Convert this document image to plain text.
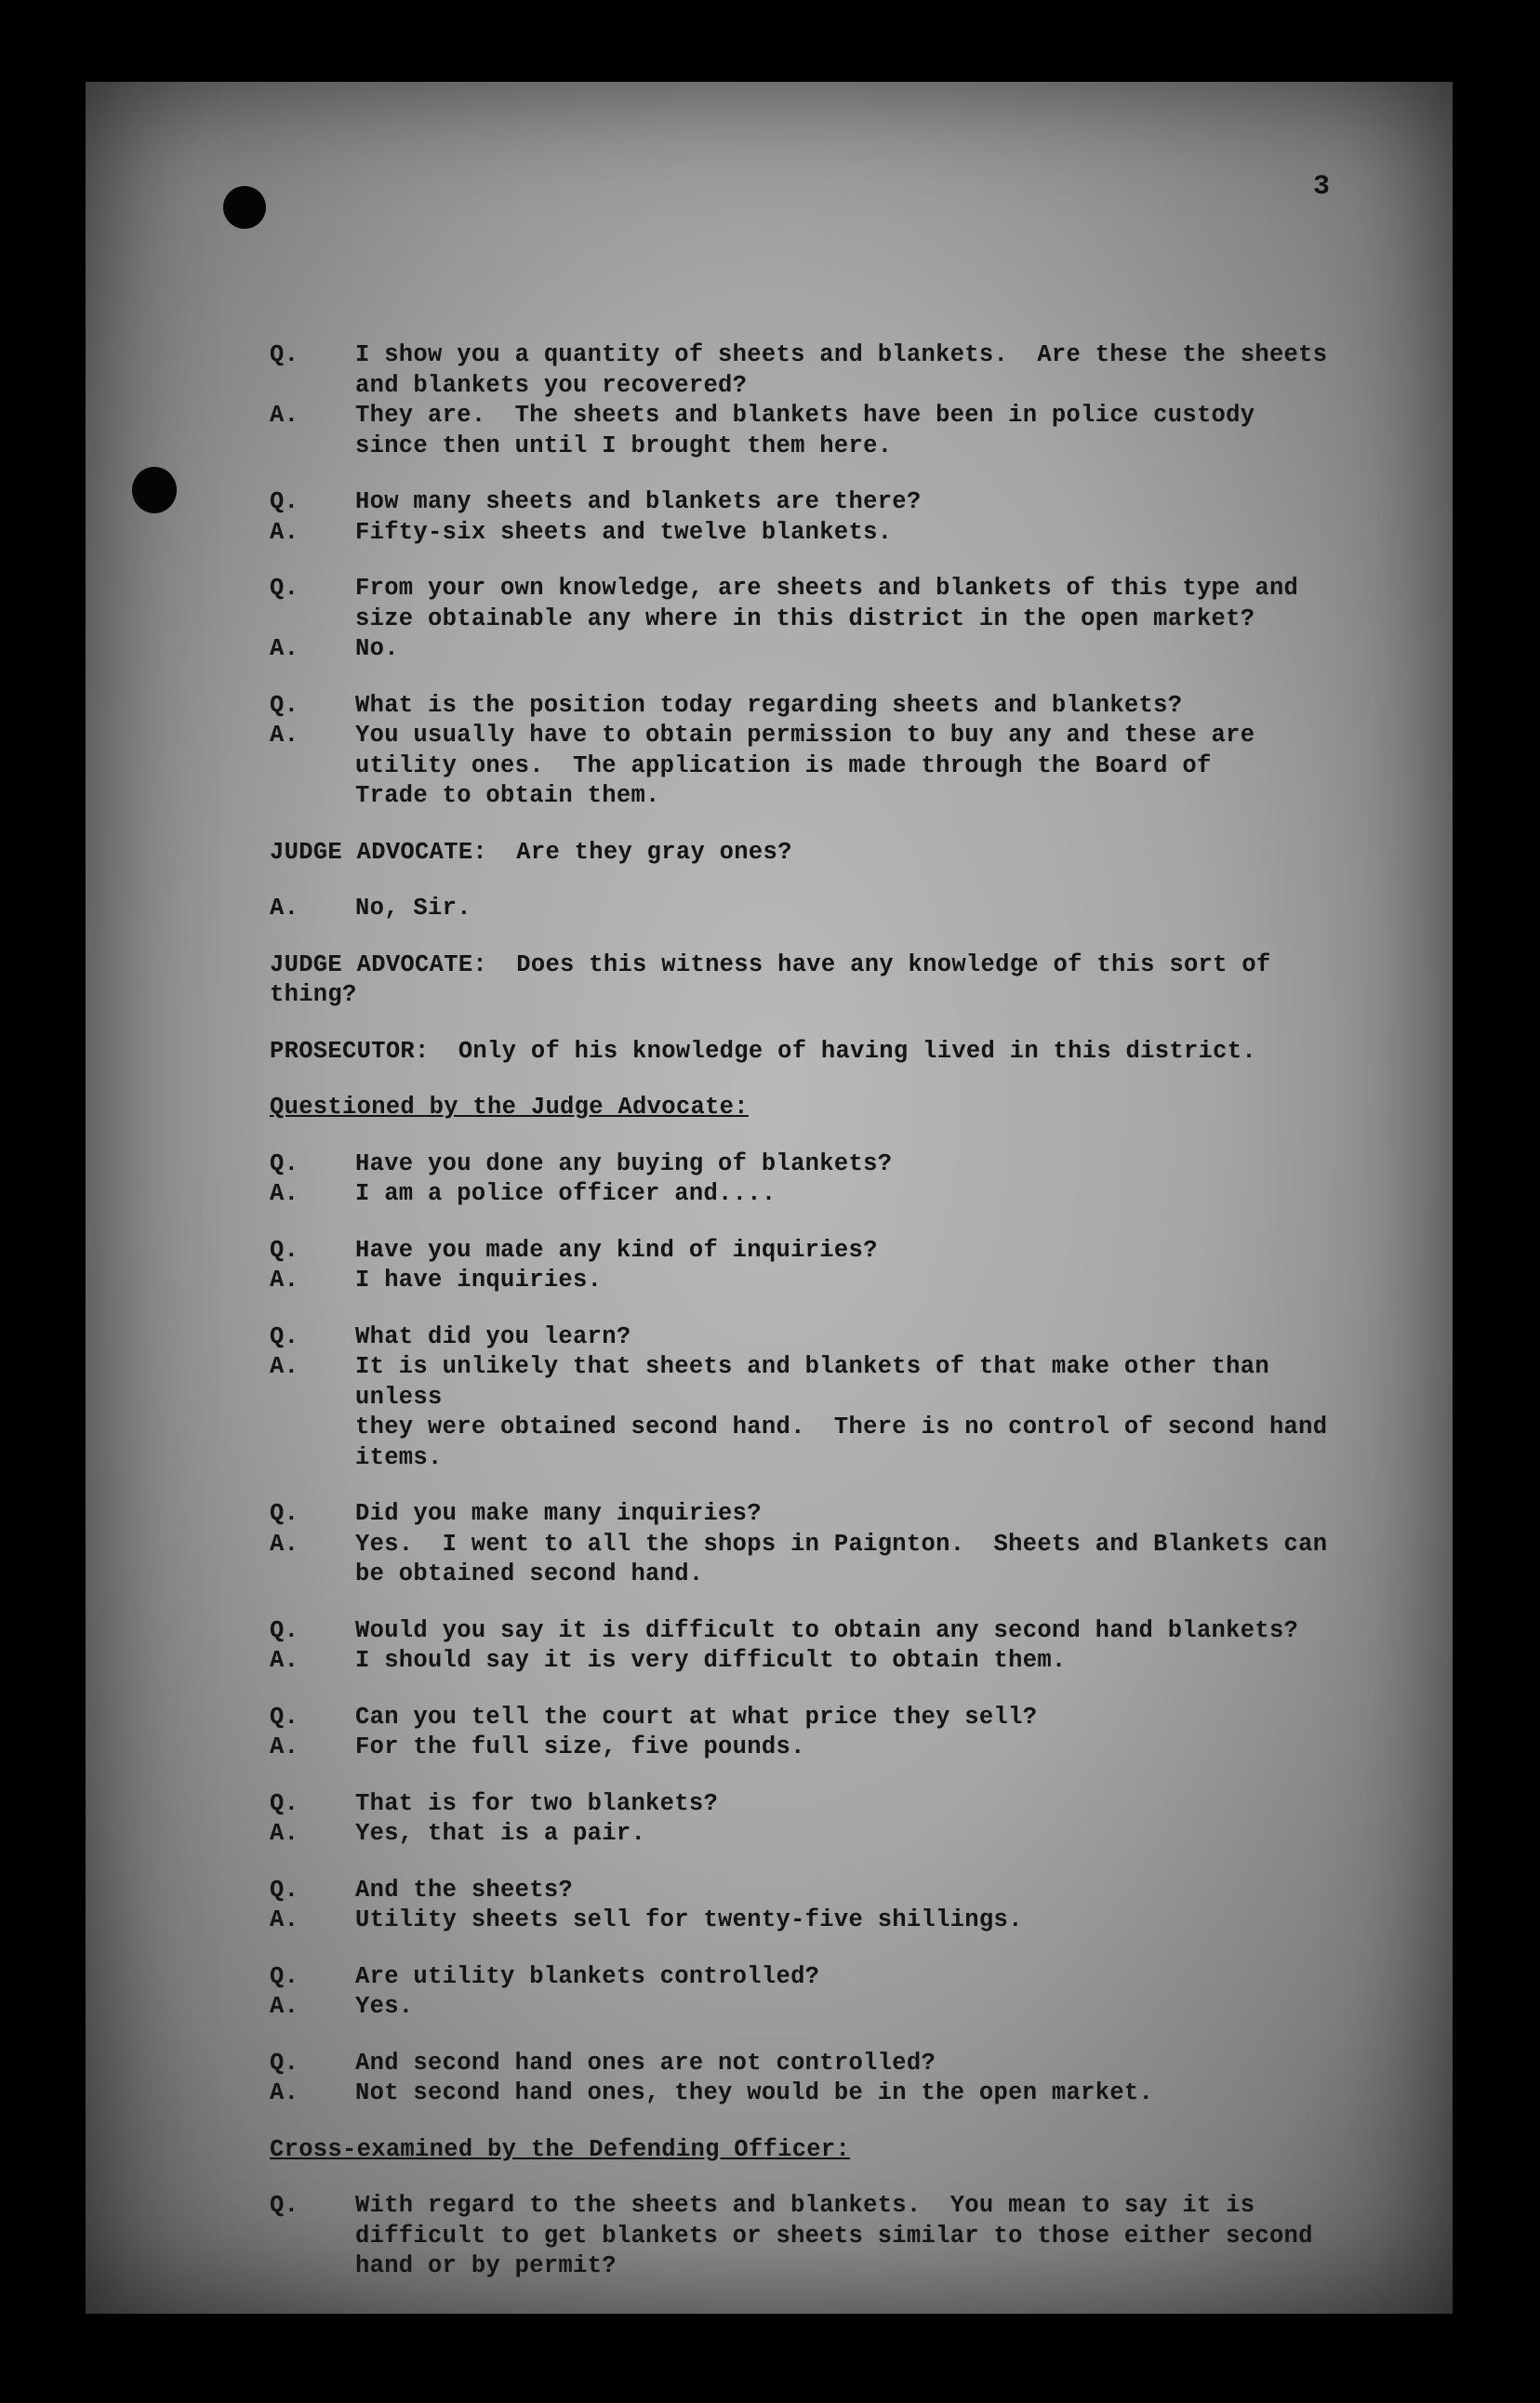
3
Q.	I show you a quantity of sheets and blankets.  Are these the sheets
and blankets you recovered?
A.	They are.  The sheets and blankets have been in police custody
since then until I brought them here.
Q.	How many sheets and blankets are there?
A.	Fifty-six sheets and twelve blankets.
Q.	From your own knowledge, are sheets and blankets of this type and
size obtainable any where in this district in the open market?
A.	No.
Q.	What is the position today regarding sheets and blankets?
A.	You usually have to obtain permission to buy any and these are
utility ones.  The application is made through the Board of
Trade to obtain them.
JUDGE ADVOCATE:  Are they gray ones?
A.	No, Sir.
JUDGE ADVOCATE:  Does this witness have any knowledge of this sort of thing?
PROSECUTOR:  Only of his knowledge of having lived in this district.
Questioned by the Judge Advocate:
Q.	Have you done any buying of blankets?
A.	I am a police officer and....
Q.	Have you made any kind of inquiries?
A.	I have inquiries.
Q.	What did you learn?
A.	It is unlikely that sheets and blankets of that make other than unless
they were obtained second hand.  There is no control of second hand
items.
Q.	Did you make many inquiries?
A.	Yes.  I went to all the shops in Paignton.  Sheets and Blankets can
be obtained second hand.
Q.	Would you say it is difficult to obtain any second hand blankets?
A.	I should say it is very difficult to obtain them.
Q.	Can you tell the court at what price they sell?
A.	For the full size, five pounds.
Q.	That is for two blankets?
A.	Yes, that is a pair.
Q.	And the sheets?
A.	Utility sheets sell for twenty-five shillings.
Q.	Are utility blankets controlled?
A.	Yes.
Q.	And second hand ones are not controlled?
A.	Not second hand ones, they would be in the open market.
Cross-examined by the Defending Officer:
Q.	With regard to the sheets and blankets.  You mean to say it is
difficult to get blankets or sheets similar to those either second
hand or by permit?
